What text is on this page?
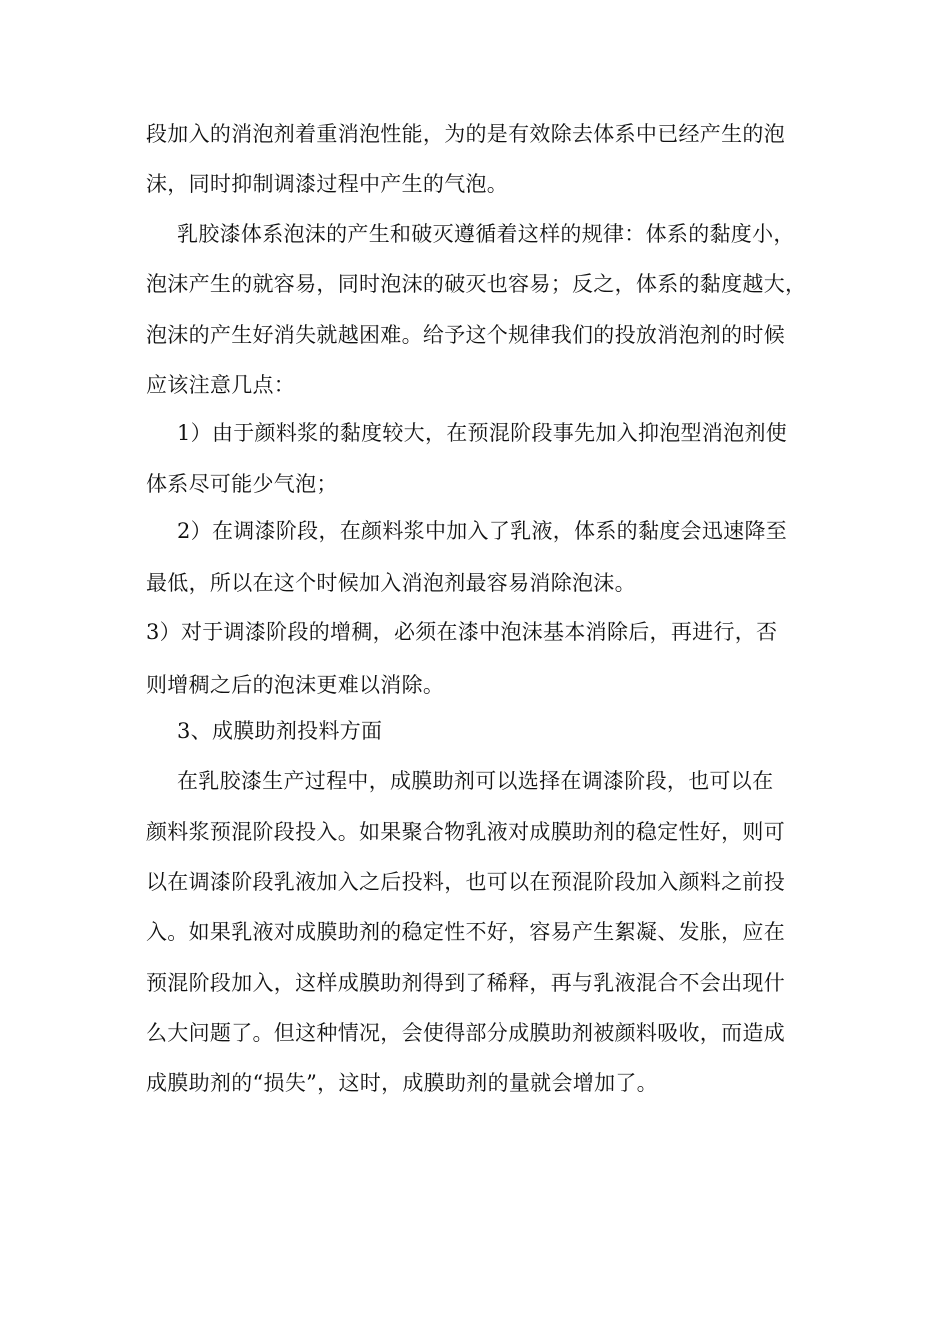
段加入的消泡剂着重消泡性能，为的是有效除去体系中已经产生的泡
沫，同时抑制调漆过程中产生的气泡。
乳胶漆体系泡沫的产生和破灭遵循着这样的规律：体系的黏度小，
泡沫产生的就容易，同时泡沫的破灭也容易；反之，体系的黏度越大，
泡沫的产生好消失就越困难。给予这个规律我们的投放消泡剂的时候
应该注意几点：
1）由于颜料浆的黏度较大，在预混阶段事先加入抑泡型消泡剂使
体系尽可能少气泡；
2）在调漆阶段，在颜料浆中加入了乳液，体系的黏度会迅速降至
最低，所以在这个时候加入消泡剂最容易消除泡沫。
3）对于调漆阶段的增稠，必须在漆中泡沫基本消除后，再进行，否
则增稠之后的泡沫更难以消除。
3、成膜助剂投料方面
在乳胶漆生产过程中，成膜助剂可以选择在调漆阶段，也可以在
颜料浆预混阶段投入。如果聚合物乳液对成膜助剂的稳定性好，则可
以在调漆阶段乳液加入之后投料，也可以在预混阶段加入颜料之前投
入。如果乳液对成膜助剂的稳定性不好，容易产生絮凝、发胀，应在
预混阶段加入，这样成膜助剂得到了稀释，再与乳液混合不会出现什
么大问题了。但这种情况，会使得部分成膜助剂被颜料吸收，而造成
成膜助剂的“损失”，这时，成膜助剂的量就会增加了。
